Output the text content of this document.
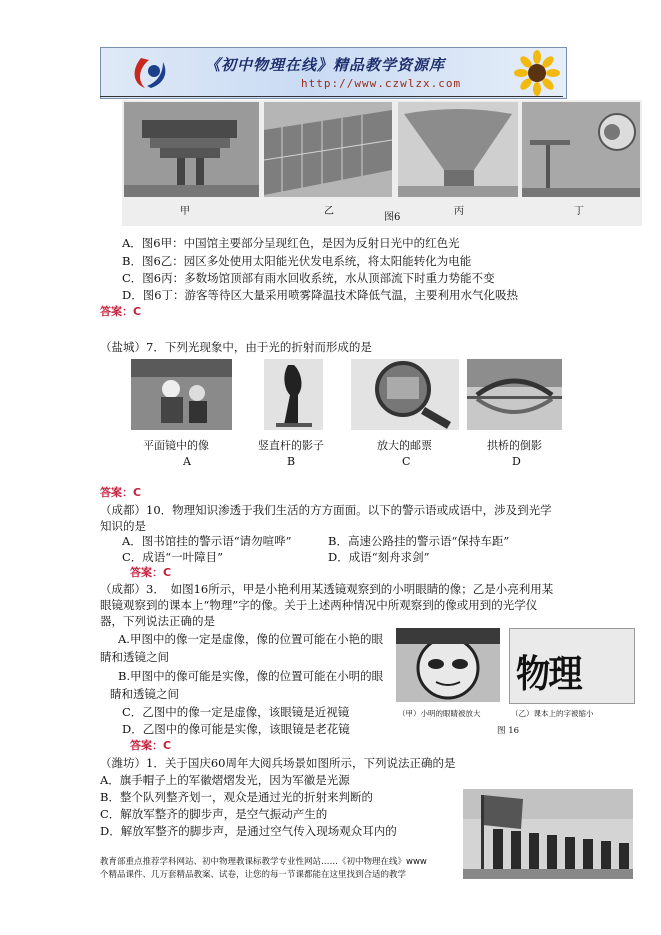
《初中物理在线》精品教学资源库
http://www.czwlzx.com
甲	乙	丙	丁
图6
A．图6甲：中国馆主要部分呈现红色，是因为反射日光中的红色光
B．图6乙：园区多处使用太阳能光伏发电系统，将太阳能转化为电能
C．图6丙：多数场馆顶部有雨水回收系统，水从顶部流下时重力势能不变
D．图6丁：游客等待区大量采用喷雾降温技术降低气温，主要利用水气化吸热
答案：C
（盐城）7．下列光现象中，由于光的折射而形成的是
平面镜中的像	竖直杆的影子	放大的邮票	拱桥的倒影
A	B	C	D
答案：C
（成都）10．物理知识渗透于我们生活的方方面面。以下的警示语或成语中，涉及到光学
知识的是
A．图书馆挂的警示语“请勿喧哗”	B．高速公路挂的警示语“保持车距”
C．成语“一叶障目”	D．成语“刻舟求剑”
答案：C
（成都）3．　如图16所示，甲是小艳利用某透镜观察到的小明眼睛的像；乙是小亮利用某
眼镜观察到的课本上“物理”字的像。关于上述两种情况中所观察到的像或用到的光学仪
器，下列说法正确的是
A.甲图中的像一定是虚像，像的位置可能在小艳的眼
睛和透镜之间
B.甲图中的像可能是实像，像的位置可能在小明的眼
睛和透镜之间
C．乙图中的像一定是虚像，该眼镜是近视镜
D．乙图中的像可能是实像，该眼镜是老花镜
答案：C
物理
（甲）小明的眼睛被放大	（乙）课本上的字被缩小
图 16
（潍坊）1．关于国庆60周年大阅兵场景如图所示，下列说法正确的是
A．旗手帽子上的军徽熠熠发光，因为军徽是光源
B．整个队列整齐划一，观众是通过光的折射来判断的
C．解放军整齐的脚步声，是空气振动产生的
D．解放军整齐的脚步声，是通过空气传入现场观众耳内的
教育部重点推荐学科网站、初中物理教课标教学专业性网站……《初中物理在线》www
个精品课件、几万套精品教案、试卷，让您的每一节课都能在这里找到合适的教学
